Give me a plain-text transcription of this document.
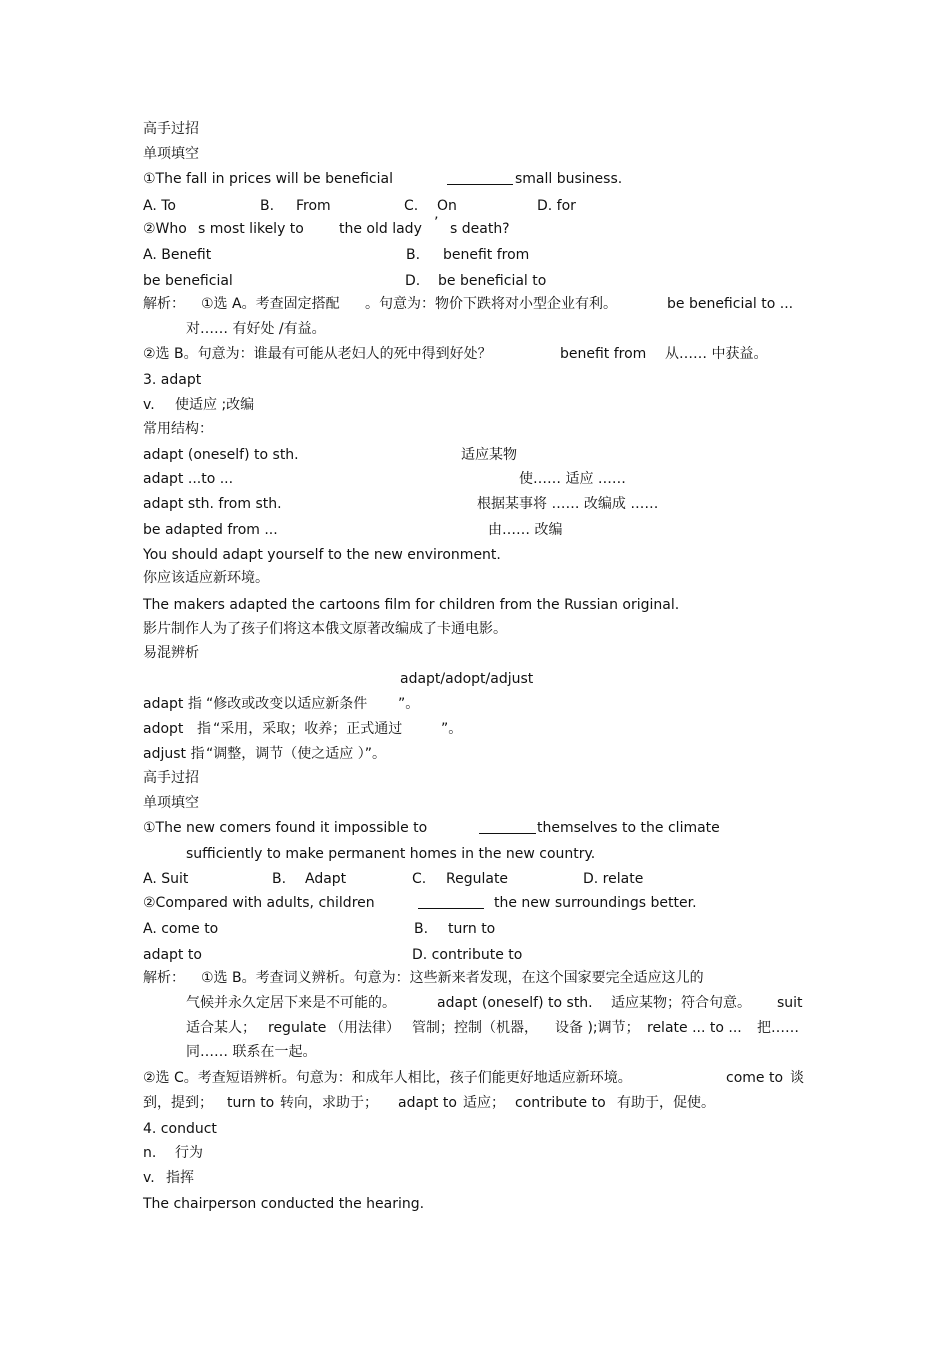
高手过招
单项填空
①The fall in prices will be beneficial	small business.
A. To	B. From	C. On	D. for
②Who s most likely to	the old lady ’ s death?
A. Benefit	B. benefit from
be beneficial	D. be beneficial to
解析： ①选 A。考查固定搭配 。句意为：物价下跌将对小型企业有利。	be beneficial to ...
对…… 有好处 /有益。
②选 B。句意为：谁最有可能从老妇人的死中得到好处？	benefit from 从…… 中获益。
3. adapt
v. 使适应 ;改编
常用结构：
adapt (oneself) to sth.	适应某物
adapt ...to ...	使…… 适应 ……
adapt sth. from sth.	根据某事将 …… 改编成 ……
be adapted from ...	由…… 改编
You should adapt yourself to the new environment.
你应该适应新环境。
The makers adapted the cartoons film for children from the Russian original.
影片制作人为了孩子们将这本俄文原著改编成了卡通电影。
易混辨析
adapt/adopt/adjust
adapt 指 “修改或改变以适应新条件 ”。
adopt 指 “采用，采取；收养；正式通过	”。
adjust 指 “调整，调节（使之适应 ）”。
高手过招
单项填空
①The new comers found it impossible to	themselves to the climate
sufficiently to make permanent homes in the new country.
A. Suit	B. Adapt	C. Regulate	D. relate
②Compared with adults, children	the new surroundings better.
A. come to	B. turn to
adapt to	D. contribute to
解析： ①选 B。考查词义辨析。句意为：这些新来者发现，在这个国家要完全适应这儿的
气候并永久定居下来是不可能的。	adapt (oneself) to sth. 适应某物；符合句意。 suit
适合某人； regulate （用法律） 管制；控制（机器， 设备 );调节； relate ... to ... 把……
同…… 联系在一起。
②选 C。考查短语辨析。句意为：和成年人相比，孩子们能更好地适应新环境。	come to 谈
到，提到； turn to 转向，求助于； adapt to 适应； contribute to 有助于，促使。
4. conduct
n. 行为
v. 指挥
The chairperson conducted the hearing.
